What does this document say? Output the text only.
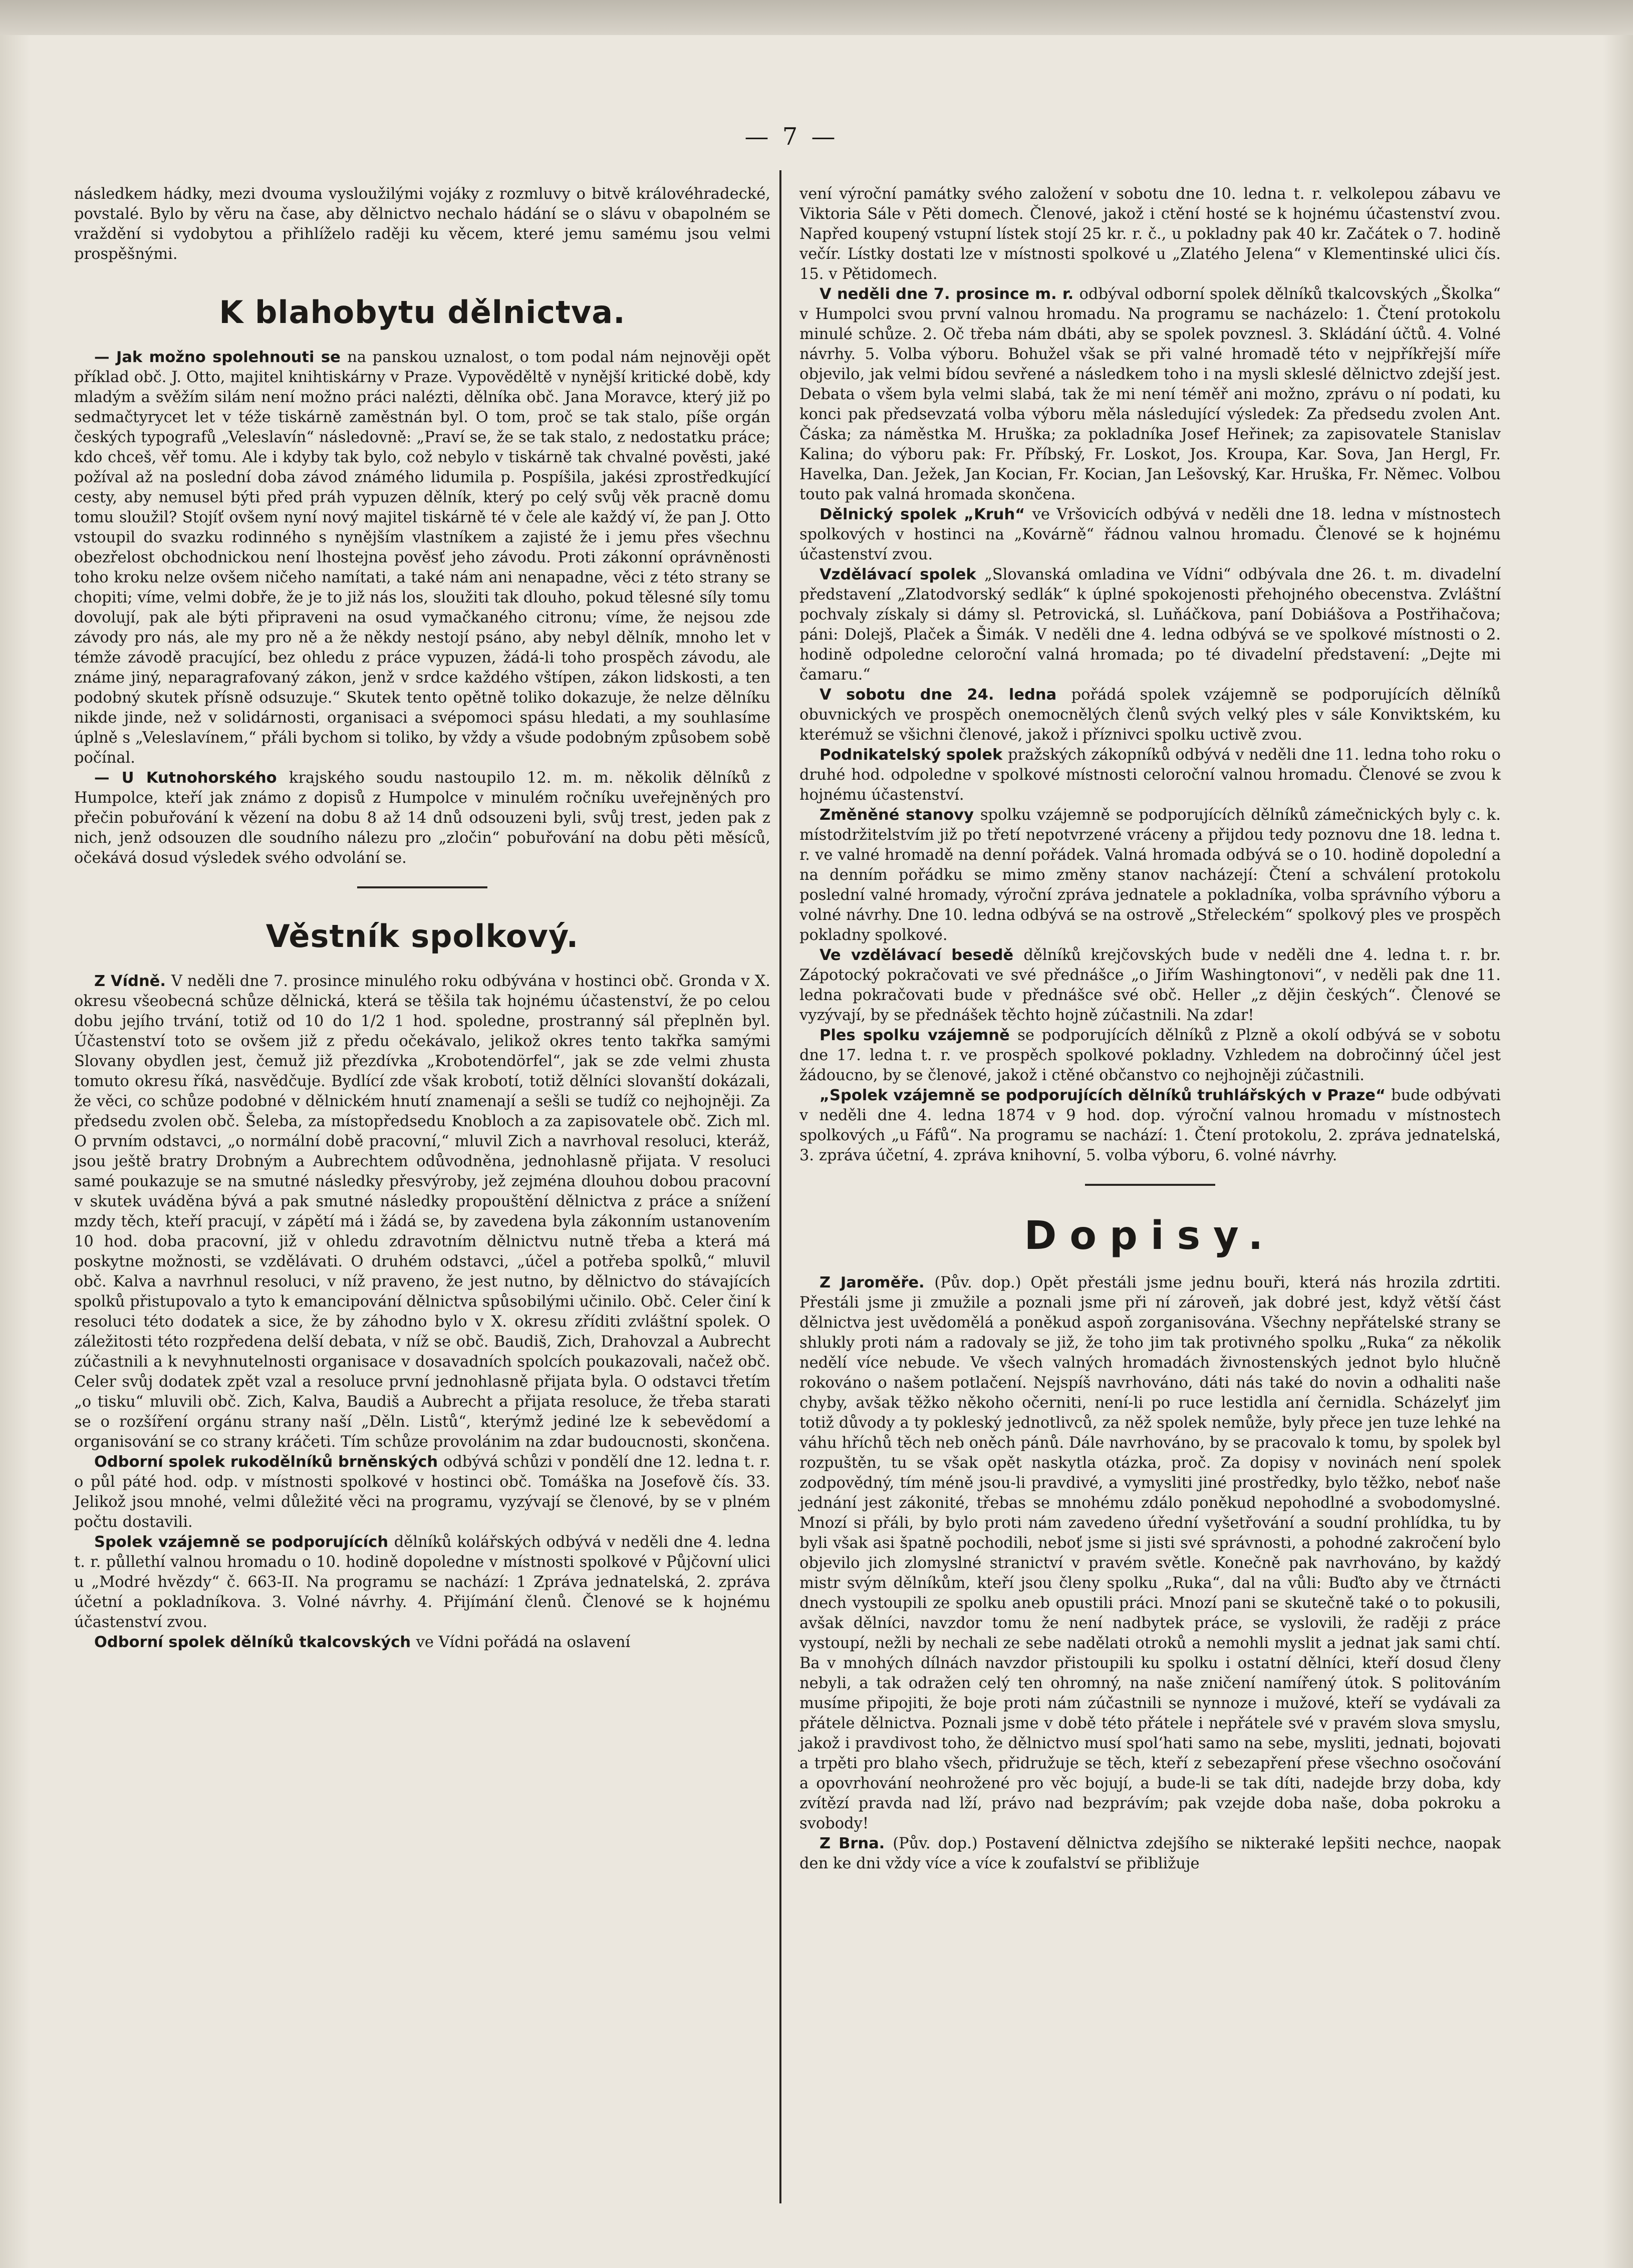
— 7 —

následkem hádky, mezi dvouma vysloužilými vojáky z rozmluvy o bitvě královéhradecké, povstalé. Bylo by věru na čase, aby dělnictvo nechalo hádání se o slávu v obapolném se vraždění si vydobytou a přihlíželo raději ku věcem, které jemu samému jsou velmi prospěšnými.

K blahobytu dělnictva.

— Jak možno spolehnouti se na panskou uznalost, o tom podal nám nejnověji opět příklad obč. J. Otto, majitel knihtiskárny v Praze. Vypověděltě v nynější kritické době, kdy mladým a svěžím silám není možno práci nalézti, dělníka obč. Jana Moravce, který již po sedmačtyrycet let v téže tiskárně zaměstnán byl. O tom, proč se tak stalo, píše orgán českých typografů „Veleslavín“ následovně: „Praví se, že se tak stalo, z nedostatku práce; kdo chceš, věř tomu. Ale i kdyby tak bylo, což nebylo v tiskárně tak chvalné pověsti, jaké požíval až na poslední doba závod známého lidumila p. Pospíšila, jakési zprostředkující cesty, aby nemusel býti před práh vypuzen dělník, který po celý svůj věk pracně domu tomu sloužil? Stojíť ovšem nyní nový majitel tiskárně té v čele ale každý ví, že pan J. Otto vstoupil do svazku rodinného s nynějším vlastníkem a zajisté že i jemu přes všechnu obezřelost obchodnickou není lhostejna pověsť jeho závodu. Proti zákonní oprávněnosti toho kroku nelze ovšem ničeho namítati, a také nám ani nenapadne, věci z této strany se chopiti; víme, velmi dobře, že je to již nás los, sloužiti tak dlouho, pokud tělesné síly tomu dovolují, pak ale býti připraveni na osud vymačkaného citronu; víme, že nejsou zde závody pro nás, ale my pro ně a že někdy nestojí psáno, aby nebyl dělník, mnoho let v témže závodě pracující, bez ohledu z práce vypuzen, žádá-li toho prospěch závodu, ale známe jiný, neparagrafovaný zákon, jenž v srdce každého vštípen, zákon lidskosti, a ten podobný skutek přísně odsuzuje.“ Skutek tento opětně toliko dokazuje, že nelze dělníku nikde jinde, než v solidárnosti, organisaci a svépomoci spásu hledati, a my souhlasíme úplně s „Veleslavínem,“ přáli bychom si toliko, by vždy a všude podobným způsobem sobě počínal.

— U Kutnohorského krajského soudu nastoupilo 12. m. m. několik dělníků z Humpolce, kteří jak známo z dopisů z Humpolce v minulém ročníku uveřejněných pro přečin pobuřování k vězení na dobu 8 až 14 dnů odsouzeni byli, svůj trest, jeden pak z nich, jenž odsouzen dle soudního nálezu pro „zločin“ pobuřování na dobu pěti měsíců, očekává dosud výsledek svého odvolání se.

Věstník spolkový.

Z Vídně. V neděli dne 7. prosince minulého roku odbývána v hostinci obč. Gronda v X. okresu všeobecná schůze dělnická, která se těšila tak hojnému účastenství, že po celou dobu jejího trvání, totiž od 10 do 1/2 1 hod. spoledne, prostranný sál přeplněn byl. Účastenství toto se ovšem již z předu očekávalo, jelikož okres tento takřka samými Slovany obydlen jest, čemuž již přezdívka „Krobotendörfel“, jak se zde velmi zhusta tomuto okresu říká, nasvědčuje. Bydlící zde však krobotí, totiž dělníci slovanští dokázali, že věci, co schůze podobné v dělnickém hnutí znamenají a sešli se tudíž co nejhojněji. Za předsedu zvolen obč. Šeleba, za místopředsedu Knobloch a za zapisovatele obč. Zich ml. O prvním odstavci, „o normální době pracovní,“ mluvil Zich a navrhoval resoluci, kteráž, jsou ještě bratry Drobným a Aubrechtem odůvodněna, jednohlasně přijata. V resoluci samé poukazuje se na smutné následky přesvýroby, jež zejména dlouhou dobou pracovní v skutek uváděna bývá a pak smutné následky propouštění dělnictva z práce a snížení mzdy těch, kteří pracují, v zápětí má i žádá se, by zavedena byla zákonním ustanovením 10 hod. doba pracovní, již v ohledu zdravotním dělnictvu nutně třeba a která má poskytne možnosti, se vzdělávati. O druhém odstavci, „účel a potřeba spolků,“ mluvil obč. Kalva a navrhnul resoluci, v níž praveno, že jest nutno, by dělnictvo do stávajících spolků přistupovalo a tyto k emancipování dělnictva spůsobilými učinilo. Obč. Celer činí k resoluci této dodatek a sice, že by záhodno bylo v X. okresu zříditi zvláštní spolek. O záležitosti této rozpředena delší debata, v níž se obč. Baudiš, Zich, Drahovzal a Aubrecht zúčastnili a k nevyhnutelnosti organisace v dosavadních spolcích poukazovali, načež obč. Celer svůj dodatek zpět vzal a resoluce první jednohlasně přijata byla. O odstavci třetím „o tisku“ mluvili obč. Zich, Kalva, Baudiš a Aubrecht a přijata resoluce, že třeba starati se o rozšíření orgánu strany naší „Děln. Listů“, kterýmž jediné lze k sebevědomí a organisování se co strany kráčeti. Tím schůze provolánim na zdar budoucnosti, skončena.

Odborní spolek rukodělníků brněnských odbývá schůzi v pondělí dne 12. ledna t. r. o půl páté hod. odp. v místnosti spolkové v hostinci obč. Tomáška na Josefově čís. 33. Jelikož jsou mnohé, velmi důležité věci na programu, vyzývají se členové, by se v plném počtu dostavili.

Spolek vzájemně se podporujících dělníků kolářských odbývá v neděli dne 4. ledna t. r. půllethí valnou hromadu o 10. hodině dopoledne v místnosti spolkové v Půjčovní ulici u „Modré hvězdy“ č. 663-II. Na programu se nachází: 1 Zpráva jednatelská, 2. zpráva účetní a pokladníkova. 3. Volné návrhy. 4. Přijímání členů. Členové se k hojnému účastenství zvou.

Odborní spolek dělníků tkalcovských ve Vídni pořádá na oslavení

vení výroční památky svého založení v sobotu dne 10. ledna t. r. velkolepou zábavu ve Viktoria Sále v Pěti domech. Členové, jakož i ctění hosté se k hojnému účastenství zvou. Napřed koupený vstupní lístek stojí 25 kr. r. č., u pokladny pak 40 kr. Začátek o 7. hodině večír. Lístky dostati lze v místnosti spolkové u „Zlatého Jelena“ v Klementinské ulici čís. 15. v Pětidomech.

V neděli dne 7. prosince m. r. odbýval odborní spolek dělníků tkalcovských „Školka“ v Humpolci svou první valnou hromadu. Na programu se nacházelo: 1. Čtení protokolu minulé schůze. 2. Oč třeba nám dbáti, aby se spolek povznesl. 3. Skládání účtů. 4. Volné návrhy. 5. Volba výboru. Bohužel však se při valné hromadě této v nejpříkřejší míře objevilo, jak velmi bídou sevřené a následkem toho i na mysli skleslé dělnictvo zdejší jest. Debata o všem byla velmi slabá, tak že mi není téměř ani možno, zprávu o ní podati, ku konci pak předsevzatá volba výboru měla následující výsledek: Za předsedu zvolen Ant. Čáska; za náměstka M. Hruška; za pokladníka Josef Heřinek; za zapisovatele Stanislav Kalina; do výboru pak: Fr. Příbský, Fr. Loskot, Jos. Kroupa, Kar. Sova, Jan Hergl, Fr. Havelka, Dan. Ježek, Jan Kocian, Fr. Kocian, Jan Lešovský, Kar. Hruška, Fr. Němec. Volbou touto pak valná hromada skončena.

Dělnický spolek „Kruh“ ve Vršovicích odbývá v neděli dne 18. ledna v místnostech spolkových v hostinci na „Kovárně“ řádnou valnou hromadu. Členové se k hojnému účastenství zvou.

Vzdělávací spolek „Slovanská omladina ve Vídni“ odbývala dne 26. t. m. divadelní představení „Zlatodvorský sedlák“ k úplné spokojenosti přehojného obecenstva. Zvláštní pochvaly získaly si dámy sl. Petrovická, sl. Luňáčkova, paní Dobiášova a Postřihačova; páni: Dolejš, Plaček a Šimák. V neděli dne 4. ledna odbývá se ve spolkové místnosti o 2. hodině odpoledne celoroční valná hromada; po té divadelní představení: „Dejte mi čamaru.“

V sobotu dne 24. ledna pořádá spolek vzájemně se podporujících dělníků obuvnických ve prospěch onemocnělých členů svých velký ples v sále Konviktském, ku kterémuž se všichni členové, jakož i příznivci spolku uctivě zvou.

Podnikatelský spolek pražských zákopníků odbývá v neděli dne 11. ledna toho roku o druhé hod. odpoledne v spolkové místnosti celoroční valnou hromadu. Členové se zvou k hojnému účastenství.

Změněné stanovy spolku vzájemně se podporujících dělníků zámečnických byly c. k. místodržitelstvím již po třetí nepotvrzené vráceny a přijdou tedy poznovu dne 18. ledna t. r. ve valné hromadě na denní pořádek. Valná hromada odbývá se o 10. hodině dopolední a na denním pořádku se mimo změny stanov nacházejí: Čtení a schválení protokolu poslední valné hromady, výroční zpráva jednatele a pokladníka, volba správního výboru a volné návrhy. Dne 10. ledna odbývá se na ostrově „Střeleckém“ spolkový ples ve prospěch pokladny spolkové.

Ve vzdělávací besedě dělníků krejčovských bude v neděli dne 4. ledna t. r. br. Zápotocký pokračovati ve své přednášce „o Jiřím Washingtonovi“, v neděli pak dne 11. ledna pokračovati bude v přednášce své obč. Heller „z dějin českých“. Členové se vyzývají, by se přednášek těchto hojně zúčastnili. Na zdar!

Ples spolku vzájemně se podporujících dělníků z Plzně a okolí odbývá se v sobotu dne 17. ledna t. r. ve prospěch spolkové pokladny. Vzhledem na dobročinný účel jest žádoucno, by se členové, jakož i ctěné občanstvo co nejhojněji zúčastnili.

„Spolek vzájemně se podporujících dělníků truhlářských v Praze“ bude odbývati v neděli dne 4. ledna 1874 v 9 hod. dop. výroční valnou hromadu v místnostech spolkových „u Fáfů“. Na programu se nachází: 1. Čtení protokolu, 2. zpráva jednatelská, 3. zpráva účetní, 4. zpráva knihovní, 5. volba výboru, 6. volné návrhy.

Dopisy.

Z Jaroměře. (Pův. dop.) Opět přestáli jsme jednu bouři, která nás hrozila zdrtiti. Přestáli jsme ji zmužile a poznali jsme při ní zároveň, jak dobré jest, když větší část dělnictva jest uvědomělá a poněkud aspoň zorganisována. Všechny nepřátelské strany se shlukly proti nám a radovaly se již, že toho jim tak protivného spolku „Ruka“ za několik nedělí více nebude. Ve všech valných hromadách živnostenských jednot bylo hlučně rokováno o našem potlačení. Nejspíš navrhováno, dáti nás také do novin a odhaliti naše chyby, avšak těžko někoho očerniti, není-li po ruce lestidla aní černidla. Scházelyť jim totiž důvody a ty pokleský jednotlivců, za něž spolek nemůže, byly přece jen tuze lehké na váhu hříchů těch neb oněch pánů. Dále navrhováno, by se pracovalo k tomu, by spolek byl rozpuštěn, tu se však opět naskytla otázka, proč. Za dopisy v novinách není spolek zodpovědný, tím méně jsou-li pravdivé, a vymysliti jiné prostředky, bylo těžko, neboť naše jednání jest zákonité, třebas se mnohému zdálo poněkud nepohodlné a svobodomyslné. Mnozí si přáli, by bylo proti nám zavedeno úřední vyšetřování a soudní prohlídka, tu by byli však asi špatně pochodili, neboť jsme si jisti své správnosti, a pohodné zakročení bylo objevilo jich zlomyslné stranictví v pravém světle. Konečně pak navrhováno, by každý mistr svým dělníkům, kteří jsou členy spolku „Ruka“, dal na vůli: Buďto aby ve čtrnácti dnech vystoupili ze spolku aneb opustili práci. Mnozí pani se skutečně také o to pokusili, avšak dělníci, navzdor tomu že není nadbytek práce, se vyslovili, že raději z práce vystoupí, nežli by nechali ze sebe nadělati otroků a nemohli myslit a jednat jak sami chtí. Ba v mnohých dílnách navzdor přistoupili ku spolku i ostatní dělníci, kteří dosud členy nebyli, a tak odražen celý ten ohromný, na naše zničení namířený útok. S politováním musíme připojiti, že boje proti nám zúčastnili se nynnoze i mužové, kteří se vydávali za přátele dělnictva. Poznali jsme v době této přátele i nepřátele své v pravém slova smyslu, jakož i pravdivost toho, že dělnictvo musí spol‘hati samo na sebe, mysliti, jednati, bojovati a trpěti pro blaho všech, přidružuje se těch, kteří z sebezapření přese všechno osočování a opovrhování neohrožené pro věc bojují, a bude-li se tak díti, nadejde brzy doba, kdy zvítězí pravda nad lží, právo nad bezprávím; pak vzejde doba naše, doba pokroku a svobody!

Z Brna. (Pův. dop.) Postavení dělnictva zdejšího se nikteraké lepšiti nechce, naopak den ke dni vždy více a více k zoufalství se přibližuje
